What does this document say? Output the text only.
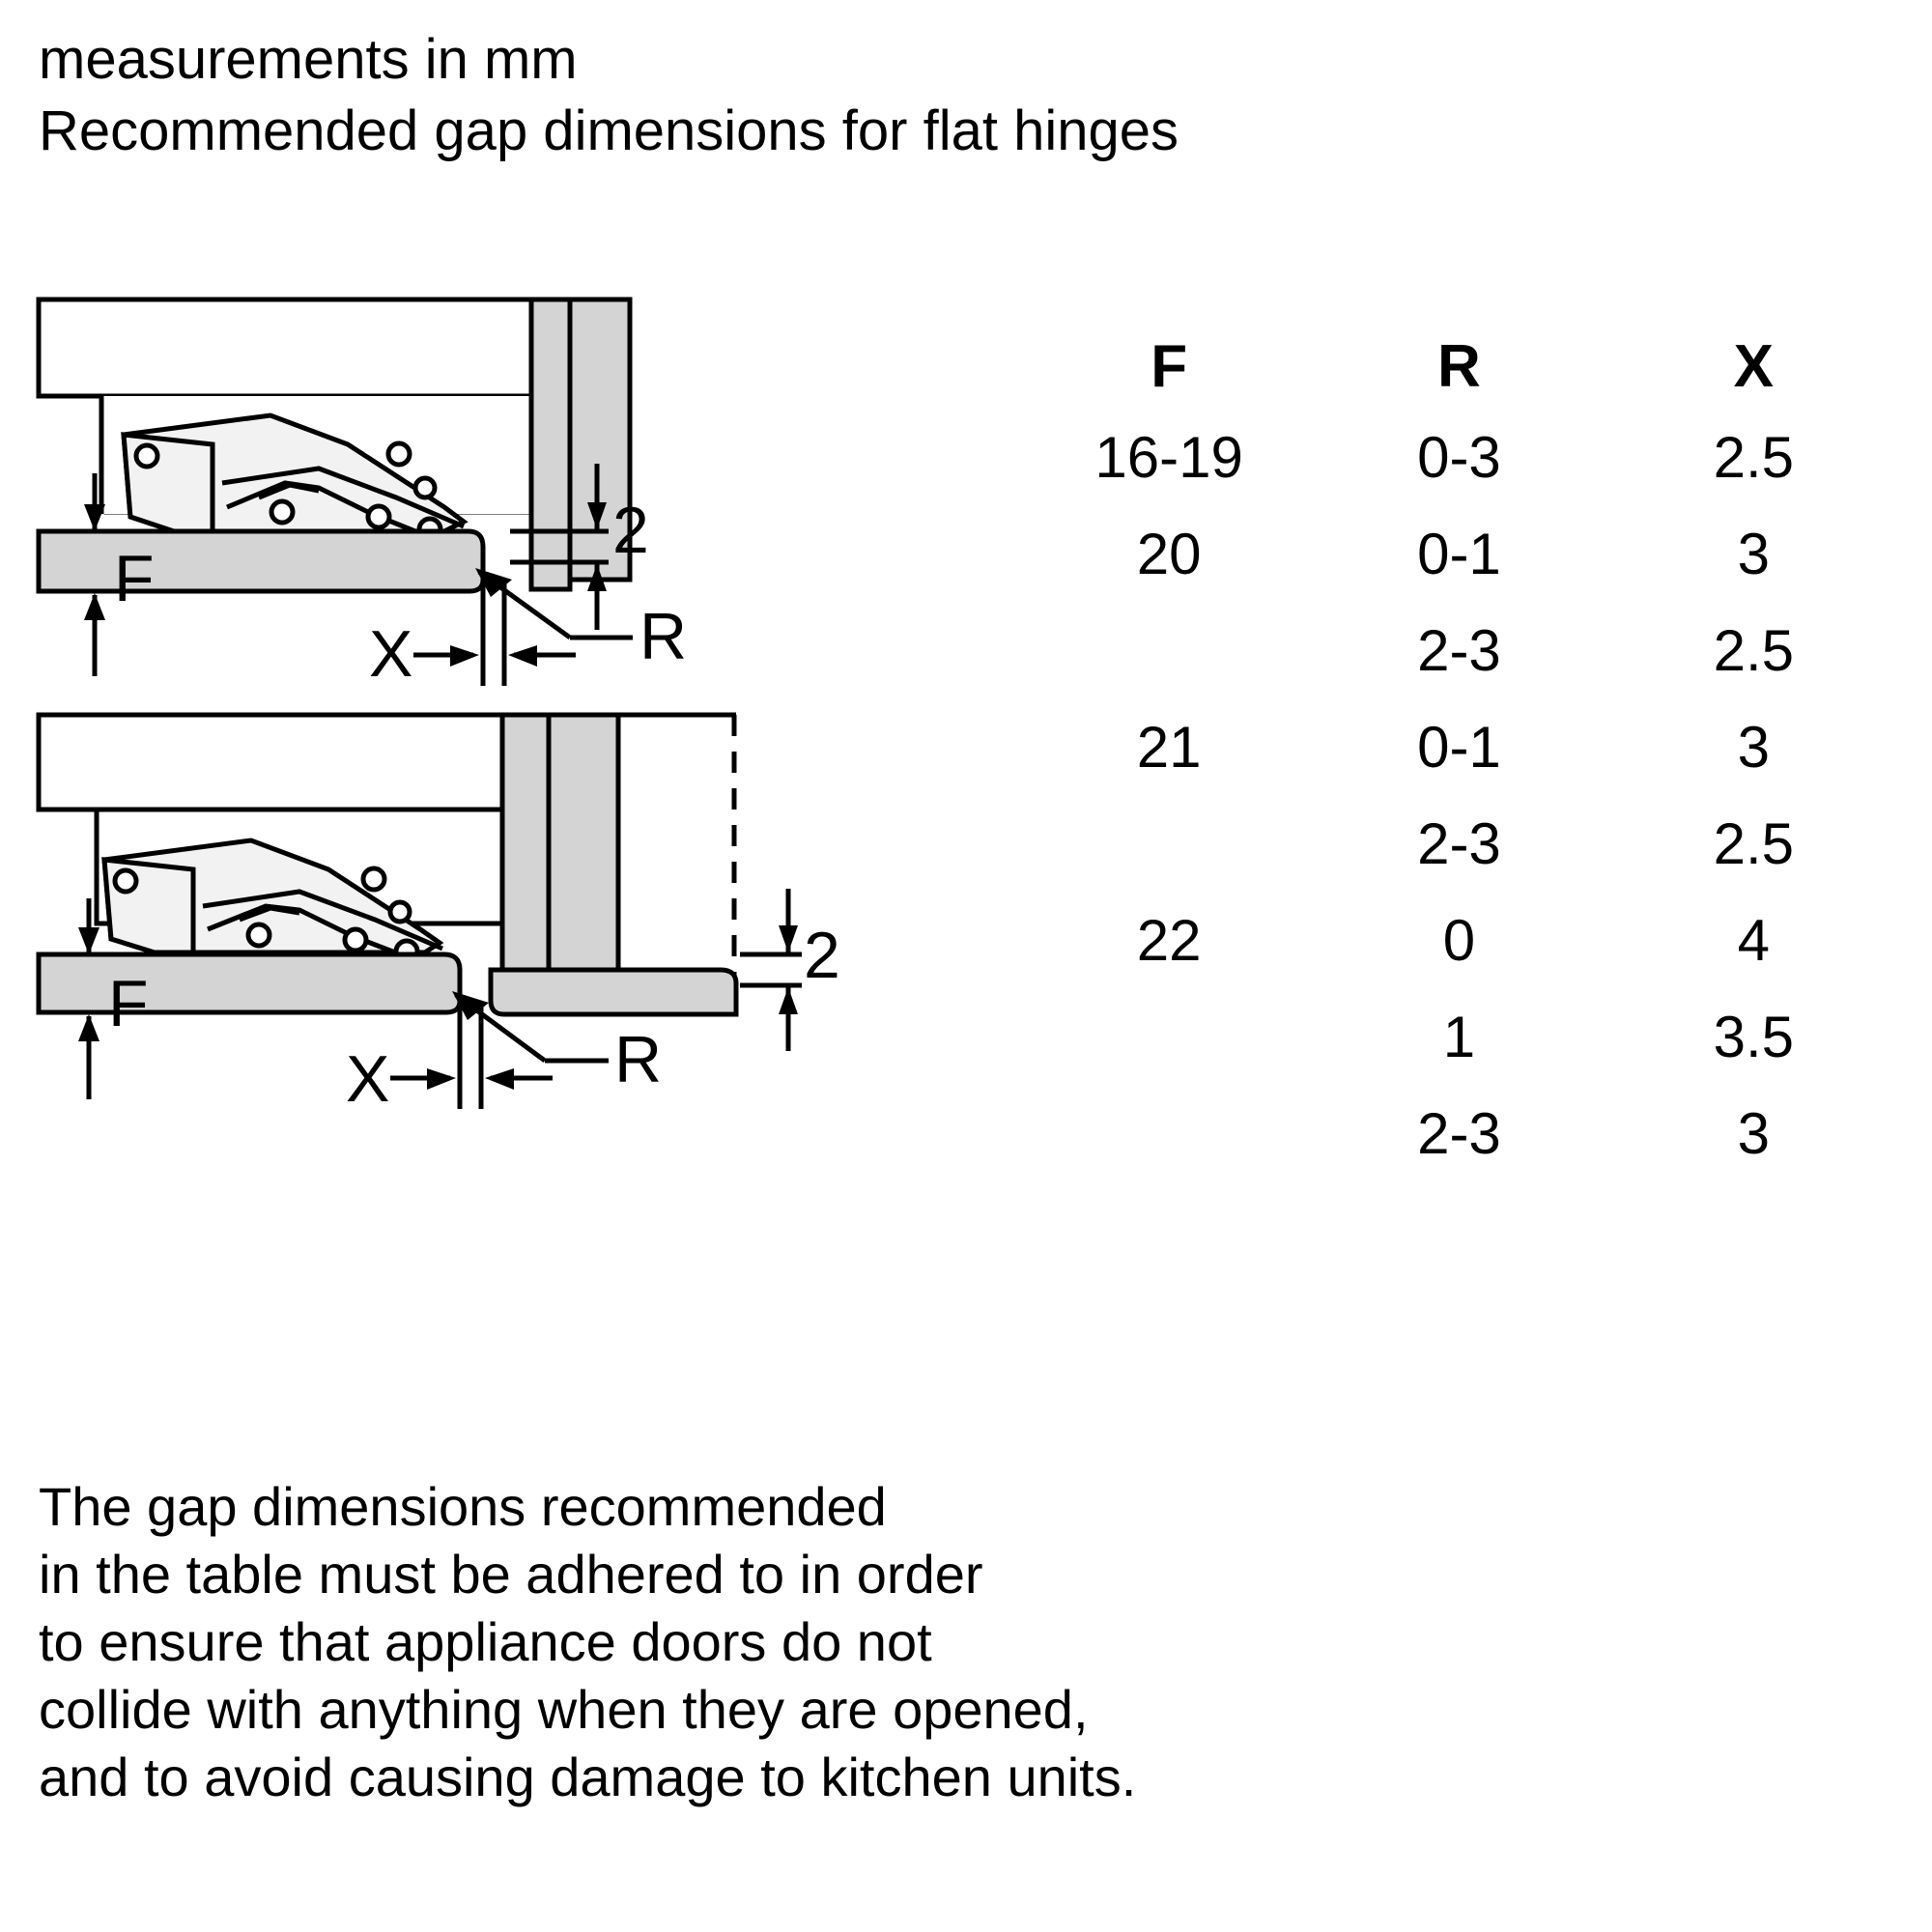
measurements in mm
Recommended gap dimensions for flat hinges
2
F
X	R
2
F
X	R
F	R	X
16-19	0-3	2.5
20	0-1	3
	2-3	2.5
21	0-1	3
	2-3	2.5
22	0	4
	1	3.5
	2-3	3
The gap dimensions recommended
in the table must be adhered to in order
to ensure that appliance doors do not
collide with anything when they are opened,
and to avoid causing damage to kitchen units.
